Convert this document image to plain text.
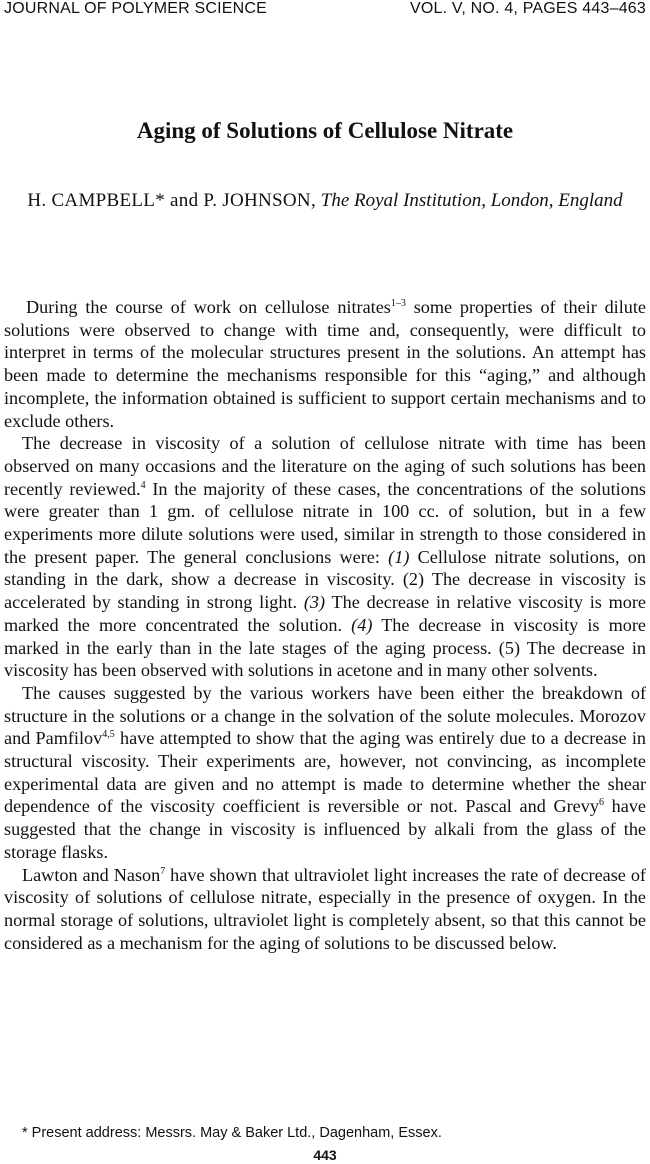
JOURNAL OF POLYMER SCIENCE	VOL. V, NO. 4, PAGES 443–463
Aging of Solutions of Cellulose Nitrate
H. CAMPBELL* and P. JOHNSON, The Royal Institution, London, England

During the course of work on cellulose nitrates$^{1-3}$ some properties of their dilute solutions were observed to change with time and, consequently, were difficult to interpret in terms of the molecular structures present in the solutions. An attempt has been made to determine the mechanisms responsible for this “aging,” and although incomplete, the information obtained is sufficient to support certain mechanisms and to exclude others.

The decrease in viscosity of a solution of cellulose nitrate with time has been observed on many occasions and the literature on the aging of such solutions has been recently reviewed.$^4$ In the majority of these cases, the concentrations of the solutions were greater than 1 gm. of cellulose nitrate in 100 cc. of solution, but in a few experiments more dilute solutions were used, similar in strength to those considered in the present paper. The general conclusions were: (1) Cellulose nitrate solutions, on standing in the dark, show a decrease in viscosity. (2) The decrease in viscosity is accelerated by standing in strong light. (3) The decrease in relative viscosity is more marked the more concentrated the solution. (4) The decrease in viscosity is more marked in the early than in the late stages of the aging process. (5) The decrease in viscosity has been observed with solutions in acetone and in many other solvents.

The causes suggested by the various workers have been either the breakdown of structure in the solutions or a change in the solvation of the solute molecules. Morozov and Pamfilov$^{4,5}$ have attempted to show that the aging was entirely due to a decrease in structural viscosity. Their experiments are, however, not convincing, as incomplete experimental data are given and no attempt is made to determine whether the shear dependence of the viscosity coefficient is reversible or not. Pascal and Grevy$^6$ have suggested that the change in viscosity is influenced by alkali from the glass of the storage flasks.

Lawton and Nason$^7$ have shown that ultraviolet light increases the rate of decrease of viscosity of solutions of cellulose nitrate, especially in the presence of oxygen. In the normal storage of solutions, ultraviolet light is completely absent, so that this cannot be considered as a mechanism for the aging of solutions to be discussed below.

* Present address: Messrs. May & Baker Ltd., Dagenham, Essex.
443
